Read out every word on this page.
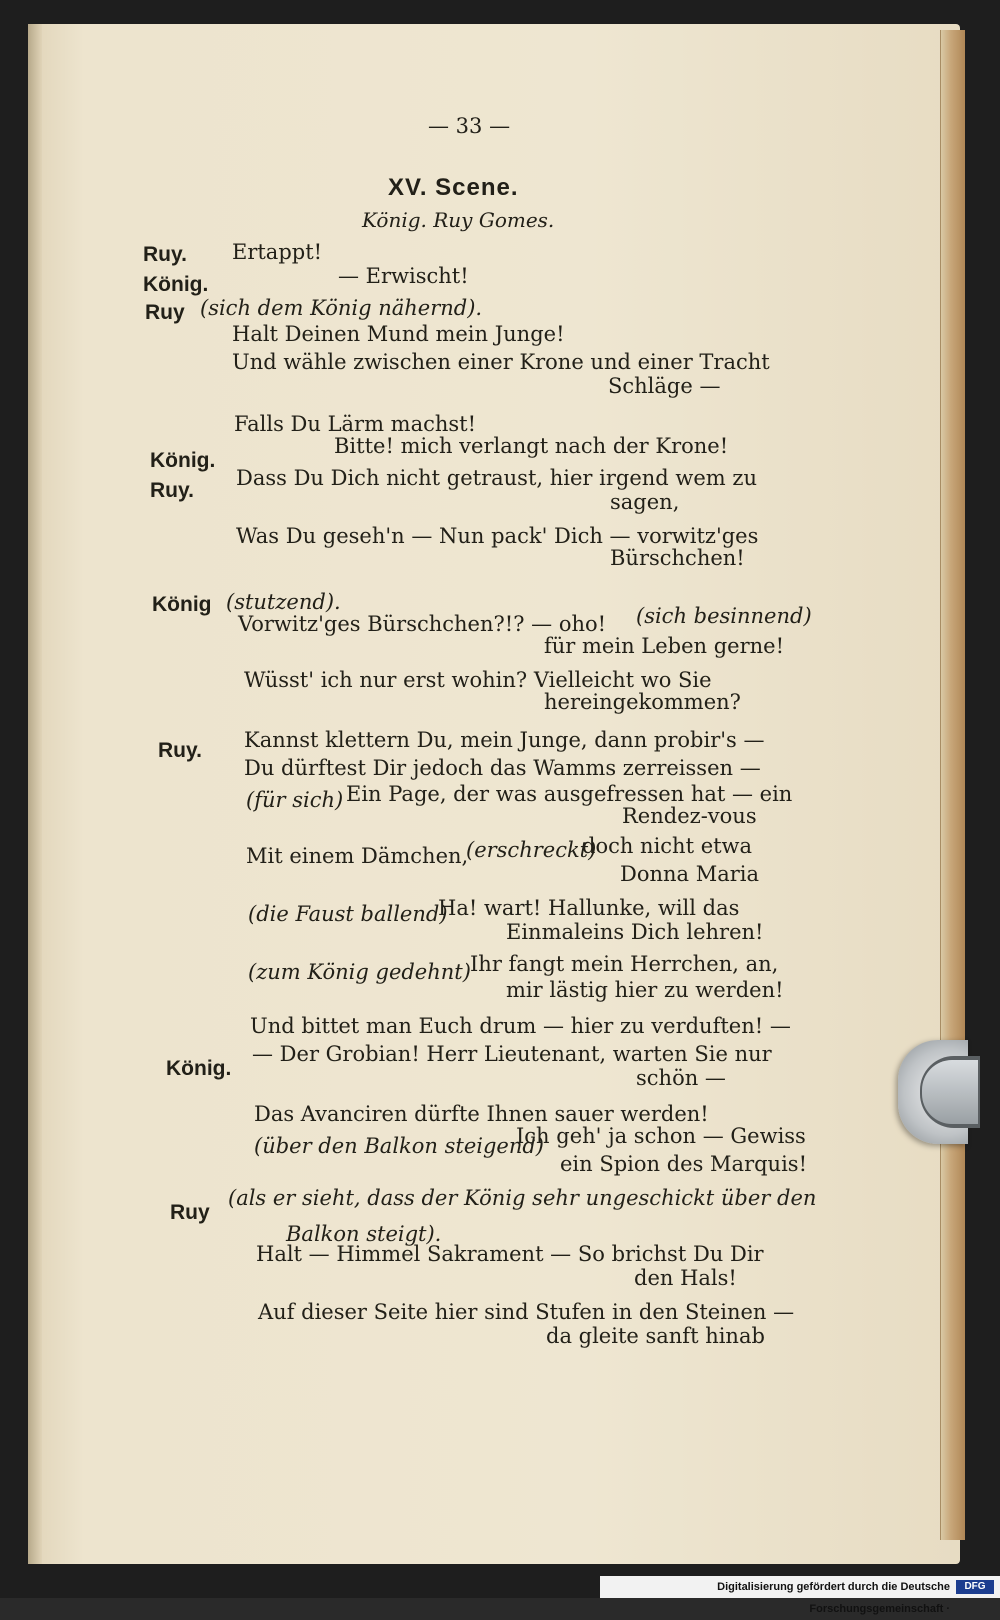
— 33 —
XV. Scene.
König. Ruy Gomes.
Ruy. Ertappt!
König.	— Erwischt!
Ruy (sich dem König nähernd).
Halt Deinen Mund mein Junge!
Und wähle zwischen einer Krone und einer Tracht
Schläge —
Falls Du Lärm machst!
König.
Bitte! mich verlangt nach der Krone!
Ruy.
Dass Du Dich nicht getraust, hier irgend wem zu
sagen,
Was Du geseh'n — Nun pack' Dich — vorwitz'ges
Bürschchen!
König (stutzend).
Vorwitz'ges Bürschchen?!? — oho! (sich besinnend)
für mein Leben gerne!
Wüsst' ich nur erst wohin? Vielleicht wo Sie
hereingekommen?
Ruy. Kannst klettern Du, mein Junge, dann probir's —
Du dürftest Dir jedoch das Wamms zerreissen —
(für sich) Ein Page, der was ausgefressen hat — ein
Rendez-vous
Mit einem Dämchen,
(erschreckt)
doch nicht etwa
Donna Maria
(die Faust ballend)
Ha! wart! Hallunke, will das
Einmaleins Dich lehren!
(zum König gedehnt) Ihr fangt mein Herrchen, an,
mir lästig hier zu werden!
Und bittet man Euch drum — hier zu verduften! —
König.
— Der Grobian! Herr Lieutenant, warten Sie nur
schön —
Das Avanciren dürfte Ihnen sauer werden!
(über den Balkon steigend)
Ich geh' ja schon — Gewiss
ein Spion des Marquis!
Ruy
(als er sieht, dass der König sehr ungeschickt über den
Balkon steigt).
Halt — Himmel Sakrament — So brichst Du Dir
den Hals!
Auf dieser Seite hier sind Stufen in den Steinen —
da gleite sanft hinab
Digitalisierung gefördert durch die Deutsche Forschungsgemeinschaft ·
DFG
